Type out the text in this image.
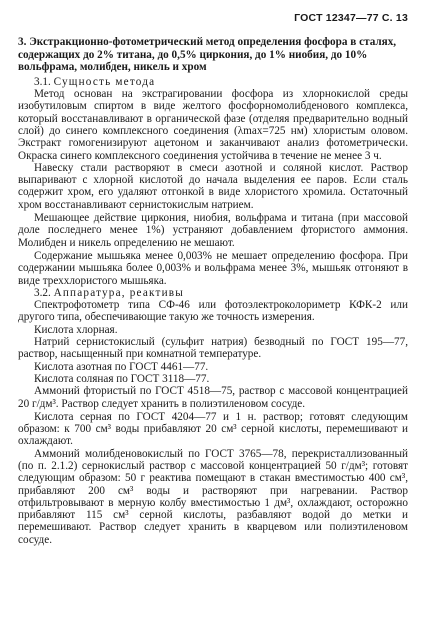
ГОСТ 12347—77 С. 13
3. Экстракционно-фотометрический метод определения фосфора в сталях, содержащих до 2% титана, до 0,5% циркония, до 1% ниобия, до 10% вольфрама, молибден, никель и хром
3.1. Сущность метода
Метод основан на экстрагировании фосфора из хлорнокислой среды изобутиловым спиртом в виде желтого фосфорномолибденового комплекса, который восстанавливают в органической фазе (отделяя предварительно водный слой) до синего комплексного соединения (λmax=725 нм) хлористым оловом. Экстракт гомогенизируют ацетоном и заканчивают анализ фотометрически. Окраска синего комплексного соединения устойчива в течение не менее 3 ч.
Навеску стали растворяют в смеси азотной и соляной кислот. Раствор выпаривают с хлорной кислотой до начала выделения ее паров. Если сталь содержит хром, его удаляют отгонкой в виде хлористого хромила. Остаточный хром восстанавливают сернистокислым натрием.
Мешающее действие циркония, ниобия, вольфрама и титана (при массовой доле последнего менее 1%) устраняют добавлением фтористого аммония. Молибден и никель определению не мешают.
Содержание мышьяка менее 0,003% не мешает определению фосфора. При содержании мышьяка более 0,003% и вольфрама менее 3%, мышьяк отгоняют в виде трехxлористого мышьяка.
3.2. Аппаратура, реактивы
Спектрофотометр типа СФ-46 или фотоэлектроколориметр КФК-2 или другого типа, обеспечивающие такую же точность измерения.
Кислота хлорная.
Натрий сернистокислый (сульфит натрия) безводный по ГОСТ 195—77, раствор, насыщенный при комнатной температуре.
Кислота азотная по ГОСТ 4461—77.
Кислота соляная по ГОСТ 3118—77.
Аммоний фтористый по ГОСТ 4518—75, раствор с массовой концентрацией 20 г/дм³. Раствор следует хранить в полиэтиленовом сосуде.
Кислота серная по ГОСТ 4204—77 и 1 н. раствор; готовят следующим образом: к 700 см³ воды прибавляют 20 см³ серной кислоты, перемешивают и охлаждают.
Аммоний молибденовокислый по ГОСТ 3765—78, перекристаллизованный (по п. 2.1.2) сернокислый раствор с массовой концентрацией 50 г/дм³; готовят следующим образом: 50 г реактива помещают в стакан вместимостью 400 см³, прибавляют 200 см³ воды и растворяют при нагревании. Раствор отфильтровывают в мерную колбу вместимостью 1 дм³, охлаждают, осторожно прибавляют 115 см³ серной кислоты, разбавляют водой до метки и перемешивают. Раствор следует хранить в кварцевом или полиэтиленовом сосуде.
